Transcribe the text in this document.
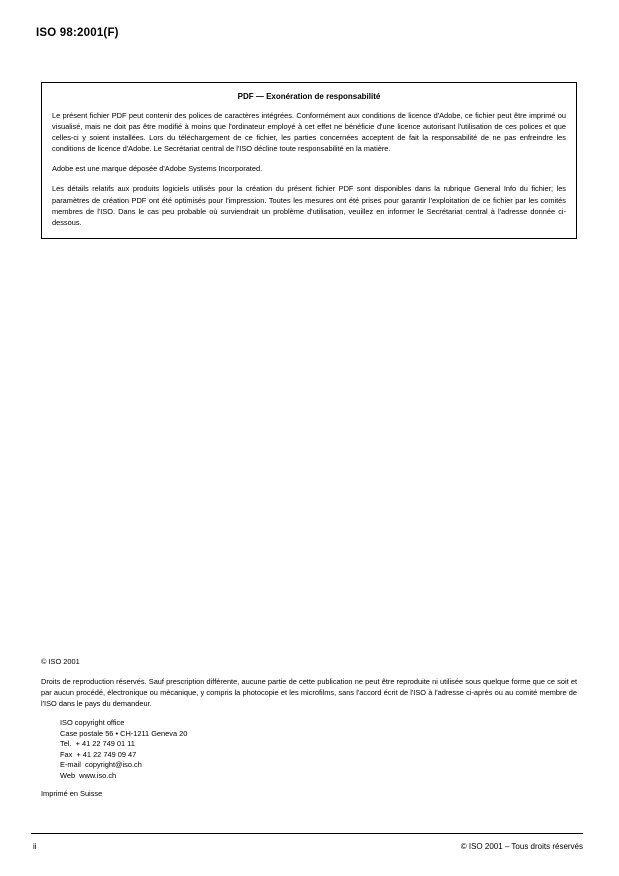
ISO 98:2001(F)
PDF — Exonération de responsabilité

Le présent fichier PDF peut contenir des polices de caractères intégrées. Conformément aux conditions de licence d'Adobe, ce fichier peut être imprimé ou visualisé, mais ne doit pas être modifié à moins que l'ordinateur employé à cet effet ne bénéficie d'une licence autorisant l'utilisation de ces polices et que celles-ci y soient installées. Lors du téléchargement de ce fichier, les parties concernées acceptent de fait la responsabilité de ne pas enfreindre les conditions de licence d'Adobe. Le Secrétariat central de l'ISO décline toute responsabilité en la matière.

Adobe est une marque déposée d'Adobe Systems Incorporated.

Les détails relatifs aux produits logiciels utilisés pour la création du présent fichier PDF sont disponibles dans la rubrique General Info du fichier; les paramètres de création PDF ont été optimisés pour l'impression. Toutes les mesures ont été prises pour garantir l'exploitation de ce fichier par les comités membres de l'ISO. Dans le cas peu probable où surviendrait un problème d'utilisation, veuillez en informer le Secrétariat central à l'adresse donnée ci-dessous.

© ISO 2001
Droits de reproduction réservés. Sauf prescription différente, aucune partie de cette publication ne peut être reproduite ni utilisée sous quelque forme que ce soit et par aucun procédé, électronique ou mécanique, y compris la photocopie et les microfilms, sans l'accord écrit de l'ISO à l'adresse ci-après ou au comité membre de l'ISO dans le pays du demandeur.
ISO copyright office
Case postale 56 • CH-1211 Geneva 20
Tel.  + 41 22 749 01 11
Fax  + 41 22 749 09 47
E-mail  copyright@iso.ch
Web  www.iso.ch
Imprimé en Suisse
ii	© ISO 2001 – Tous droits réservés
